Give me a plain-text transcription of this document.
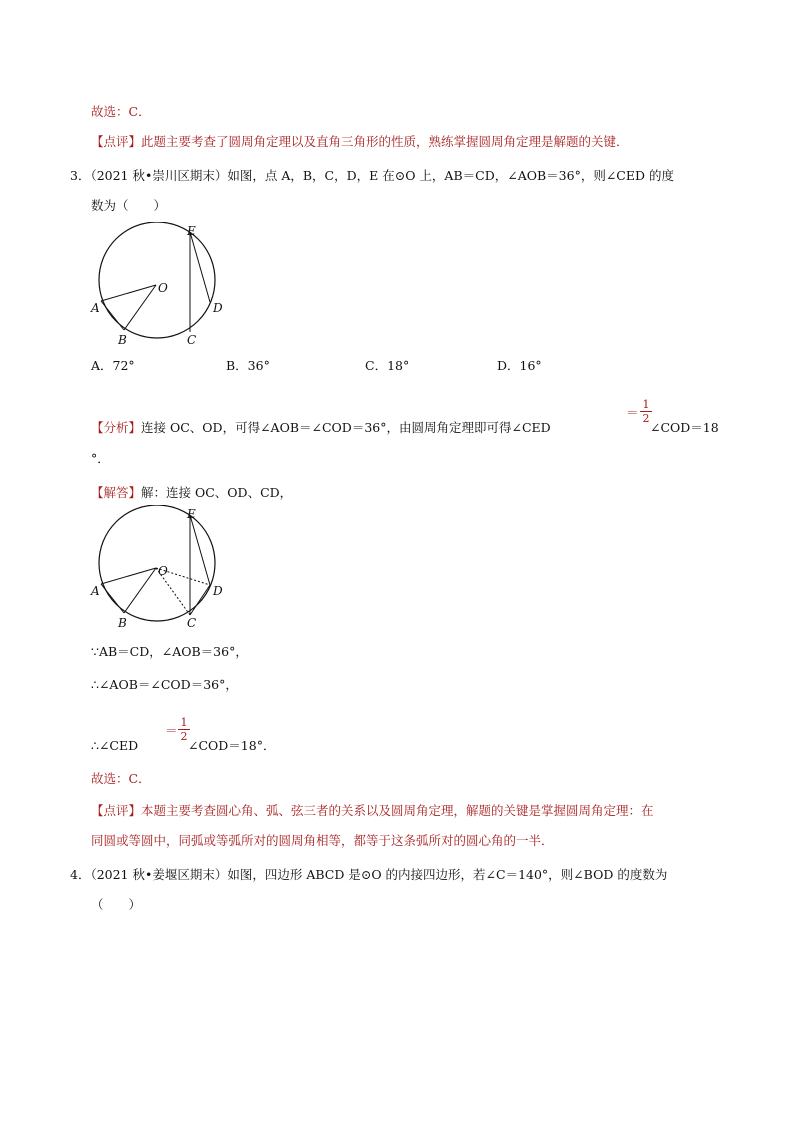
故选：C．
【点评】此题主要考查了圆周角定理以及直角三角形的性质，熟练掌握圆周角定理是解题的关键．
3．（2021 秋•崇川区期末）如图，点 A，B，C，D，E 在⊙O 上，AB＝CD，∠AOB＝36°，则∠CED 的度
数为（　　）
E
O
A	D
B	C
A．72°	B．36°	C．18°	D．16°
【分析】连接 OC、OD，可得∠AOB＝∠COD＝36°，由圆周角定理即可得∠CED
＝
1
2
∠COD＝18
°．
【解答】解：连接 OC、OD、CD，
E
O
A	D
B	C
∵AB＝CD，∠AOB＝36°，
∴∠AOB＝∠COD＝36°，
∴∠CED
＝
1
2
∠COD＝18°．
故选：C．
【点评】本题主要考查圆心角、弧、弦三者的关系以及圆周角定理，解题的关键是掌握圆周角定理：在
同圆或等圆中，同弧或等弧所对的圆周角相等，都等于这条弧所对的圆心角的一半．
4．（2021 秋•姜堰区期末）如图，四边形 ABCD 是⊙O 的内接四边形，若∠C＝140°，则∠BOD 的度数为
（　　）
